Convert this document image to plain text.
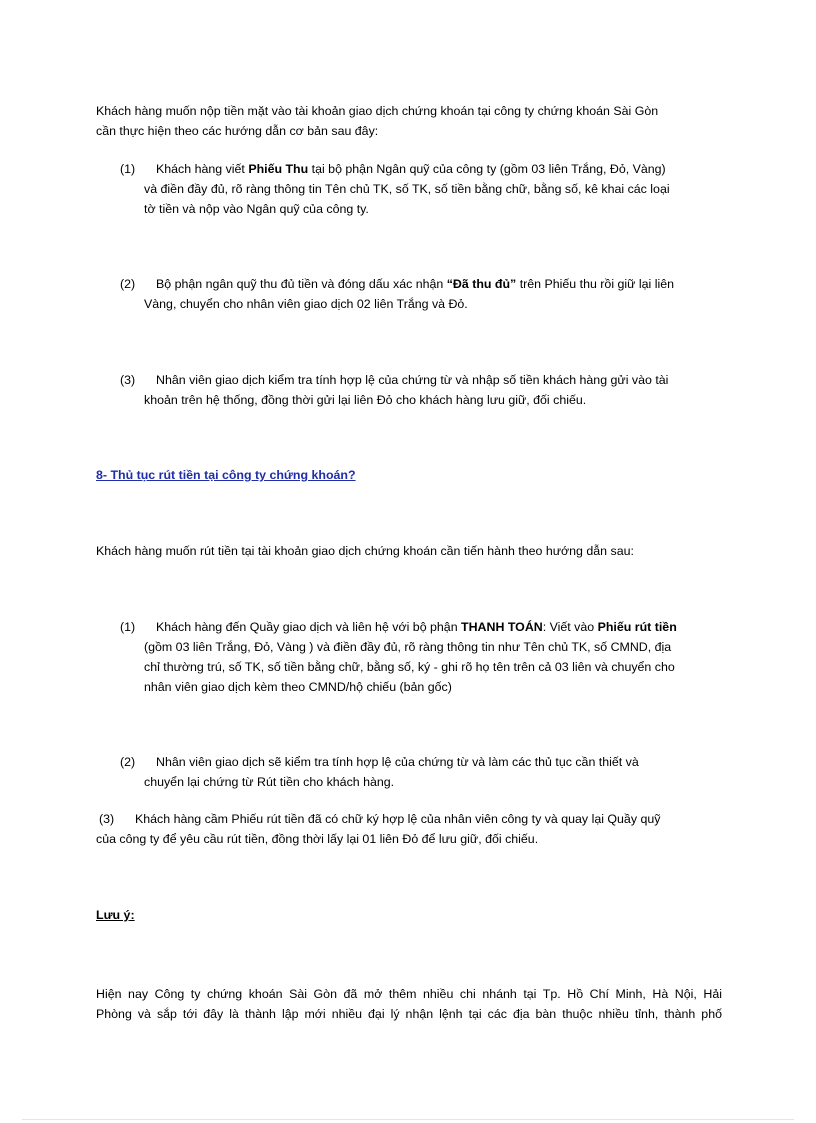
Khách hàng muốn nộp tiền mặt vào tài khoản giao dịch chứng khoán tại công ty chứng khoán Sài Gòn
cần thực hiện theo các hướng dẫn cơ bản sau đây:
(1) Khách hàng viết Phiếu Thu tại bộ phận Ngân quỹ của công ty (gồm 03 liên Trắng, Đỏ, Vàng)
và điền đầy đủ, rõ ràng thông tin Tên chủ TK, số TK, số tiền bằng chữ, bằng số, kê khai các loại
tờ tiền và nộp vào Ngân quỹ của công ty.
(2) Bộ phận ngân quỹ thu đủ tiền và đóng dấu xác nhận “Đã thu đủ” trên Phiếu thu rồi giữ lại liên
Vàng, chuyển cho nhân viên giao dịch 02 liên Trắng và Đỏ.
(3) Nhân viên giao dịch kiểm tra tính hợp lệ của chứng từ và nhập số tiền khách hàng gửi vào tài
khoản trên hệ thống, đồng thời gửi lại liên Đỏ cho khách hàng lưu giữ, đối chiếu.
8- Thủ tục rút tiền tại công ty chứng khoán?
Khách hàng muốn rút tiền tại tài khoản giao dịch chứng khoán cần tiến hành theo hướng dẫn sau:
(1) Khách hàng đến Quầy giao dịch và liên hệ với bộ phận THANH TOÁN: Viết vào Phiếu rút tiền
(gồm 03 liên Trắng, Đỏ, Vàng ) và điền đầy đủ, rõ ràng thông tin như Tên chủ TK, số CMND, địa
chỉ thường trú, số TK, số tiền bằng chữ, bằng số, ký - ghi rõ họ tên trên cả 03 liên và chuyển cho
nhân viên giao dịch kèm theo CMND/hộ chiếu (bản gốc)
(2) Nhân viên giao dịch sẽ kiểm tra tính hợp lệ của chứng từ và làm các thủ tục cần thiết và
chuyển lại chứng từ Rút tiền cho khách hàng.
(3) Khách hàng cầm Phiếu rút tiền đã có chữ ký hợp lệ của nhân viên công ty và quay lại Quầy quỹ
của công ty để yêu cầu rút tiền, đồng thời lấy lại 01 liên Đỏ để lưu giữ, đối chiếu.
Lưu ý:
Hiện nay Công ty chứng khoán Sài Gòn đã mở thêm nhiều chi nhánh tại Tp. Hồ Chí Minh, Hà Nội, Hải
Phòng và sắp tới đây là thành lập mới nhiều đại lý nhận lệnh tại các địa bàn thuộc nhiều tỉnh, thành phố
